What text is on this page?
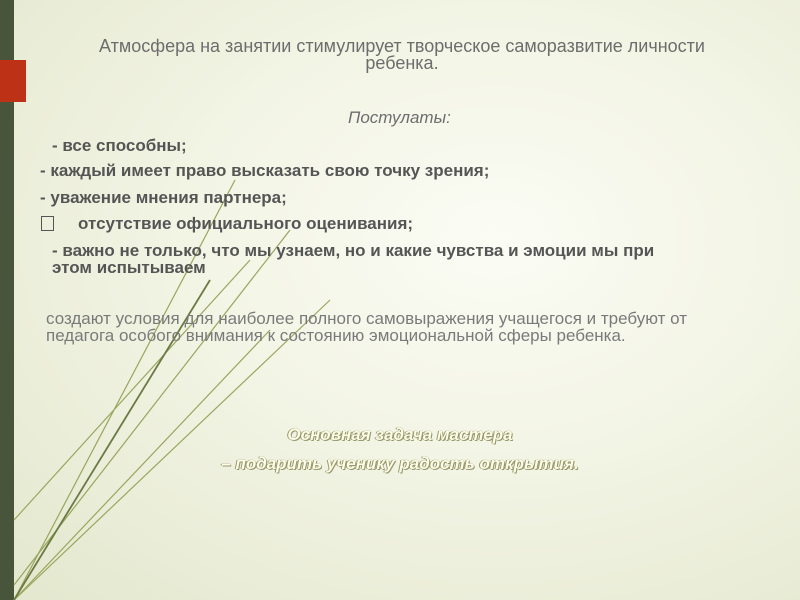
Атмосфера на занятии стимулирует творческое саморазвитие личности ребенка.
Постулаты:
- все способны;
- каждый имеет право высказать свою точку зрения;
- уважение мнения партнера;
отсутствие официального оценивания;
- важно не только, что мы узнаем, но и какие чувства и эмоции мы при этом испытываем
создают условия для наиболее полного самовыражения учащегося и требуют от педагога особого внимания к состоянию эмоциональной сферы ребенка.
Основная задача мастера
– подарить ученику радость открытия.
